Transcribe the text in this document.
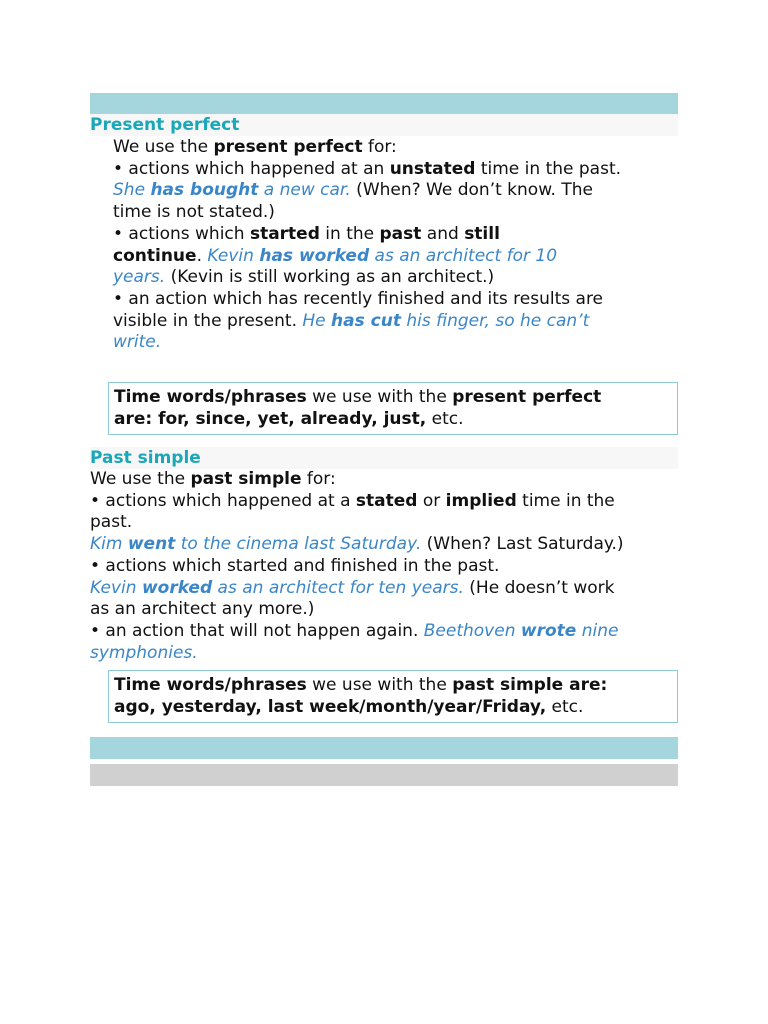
Present perfect
We use the present perfect for:
• actions which happened at an unstated time in the past.
She has bought a new car. (When? We don’t know. The
time is not stated.)
• actions which started in the past and still
continue. Kevin has worked as an architect for 10
years. (Kevin is still working as an architect.)
• an action which has recently finished and its results are
visible in the present. He has cut his finger, so he can’t
write.
Time words/phrases we use with the present perfect
are: for, since, yet, already, just, etc.
Past simple
We use the past simple for:
• actions which happened at a stated or implied time in the
past.
Kim went to the cinema last Saturday. (When? Last Saturday.)
• actions which started and finished in the past.
Kevin worked as an architect for ten years. (He doesn’t work
as an architect any more.)
• an action that will not happen again. Beethoven wrote nine
symphonies.
Time words/phrases we use with the past simple are:
ago, yesterday, last week/month/year/Friday, etc.
